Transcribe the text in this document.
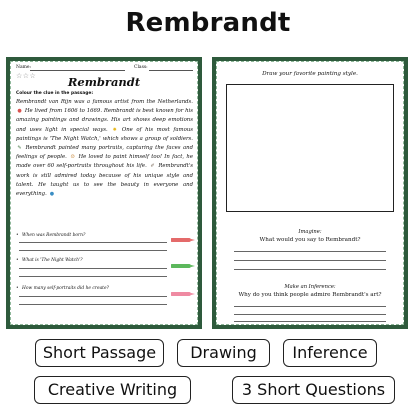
Rembrandt
Name:	Class:
☆☆☆	Rembrandt
Colour the clue in the passage:
Rembrandt van Rijn was a famous artist from the Netherlands. ● He lived from 1606 to 1669. Rembrandt is best known for his amazing paintings and drawings. His art shows deep emotions and uses light in special ways. ✹ One of his most famous paintings is 'The Night Watch,' which shows a group of soldiers. ✎ Rembrandt painted many portraits, capturing the faces and feelings of people. ☺ He loved to paint himself too! In fact, he made over 60 self-portraits throughout his life. ✐ Rembrandt's work is still admired today because of his unique style and talent. He taught us to see the beauty in everyone and everything. ●
• When was Rembrandt born?
• What is 'The Night Watch'?
• How many self-portraits did he create?
Draw your favorite painting style.
Imagine:
What would you say to Rembrandt?
Make an Inference:
Why do you think people admire Rembrandt's art?
Short Passage	Drawing	Inference
Creative Writing	3 Short Questions
